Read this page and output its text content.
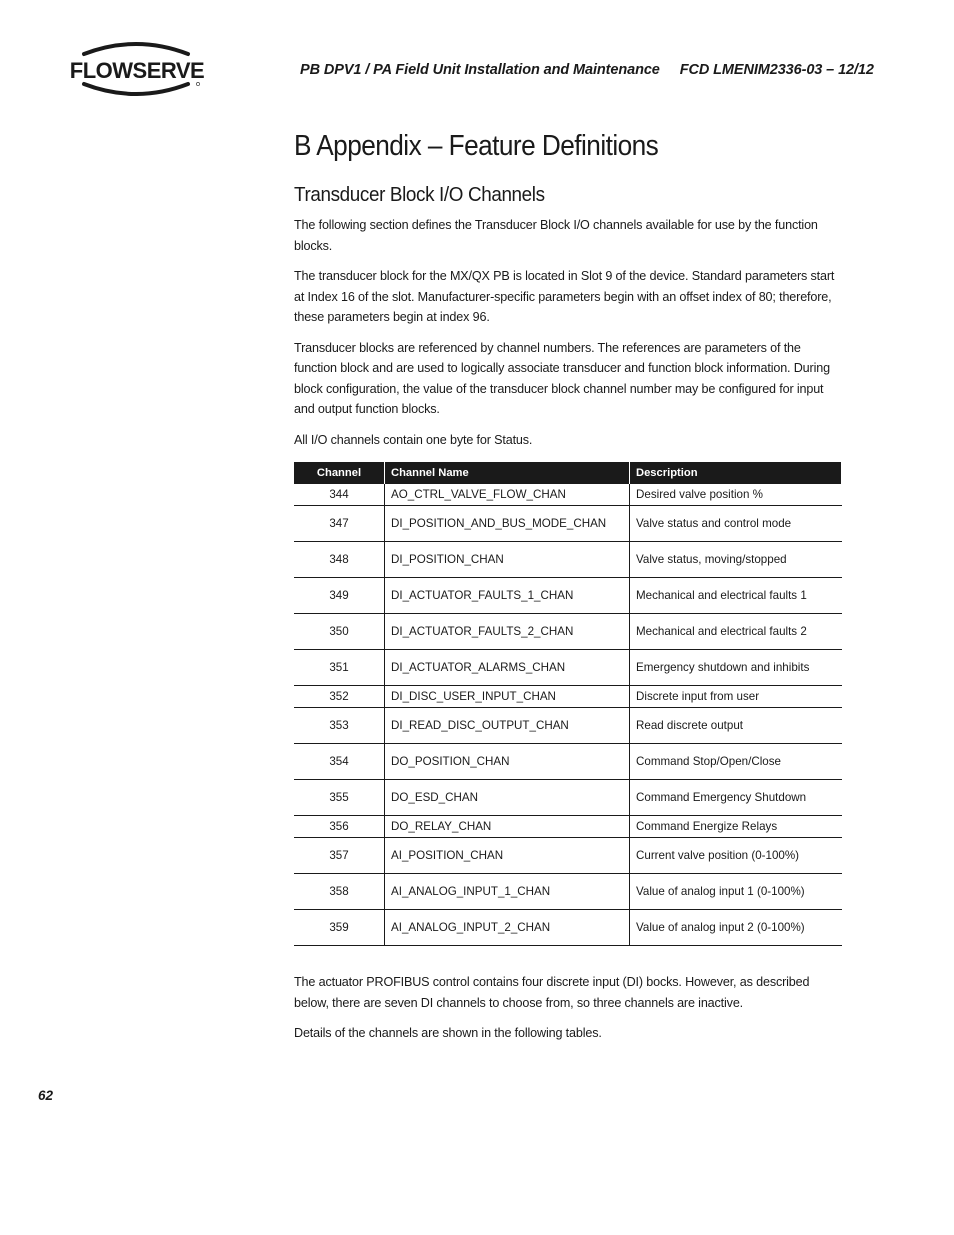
FLOWSERVE	PB DPV1 / PA Field Unit Installation and Maintenance FCD LMENIM2336-03 – 12/12
B Appendix – Feature Definitions
Transducer Block I/O Channels

The following section defines the Transducer Block I/O channels available for use by the function blocks.

The transducer block for the MX/QX PB is located in Slot 9 of the device. Standard parameters start at Index 16 of the slot. Manufacturer-specific parameters begin with an offset index of 80; therefore, these parameters begin at index 96.

Transducer blocks are referenced by channel numbers. The references are parameters of the function block and are used to logically associate transducer and function block information. During block configuration, the value of the transducer block channel number may be configured for input and output function blocks.

All I/O channels contain one byte for Status.

Channel	Channel Name	Description
344	AO_CTRL_VALVE_FLOW_CHAN	Desired valve position %
347	DI_POSITION_AND_BUS_MODE_CHAN	Valve status and control mode
348	DI_POSITION_CHAN	Valve status, moving/stopped
349	DI_ACTUATOR_FAULTS_1_CHAN	Mechanical and electrical faults 1
350	DI_ACTUATOR_FAULTS_2_CHAN	Mechanical and electrical faults 2
351	DI_ACTUATOR_ALARMS_CHAN	Emergency shutdown and inhibits
352	DI_DISC_USER_INPUT_CHAN	Discrete input from user
353	DI_READ_DISC_OUTPUT_CHAN	Read discrete output
354	DO_POSITION_CHAN	Command Stop/Open/Close
355	DO_ESD_CHAN	Command Emergency Shutdown
356	DO_RELAY_CHAN	Command Energize Relays
357	AI_POSITION_CHAN	Current valve position (0-100%)
358	AI_ANALOG_INPUT_1_CHAN	Value of analog input 1 (0-100%)
359	AI_ANALOG_INPUT_2_CHAN	Value of analog input 2 (0-100%)

The actuator PROFIBUS control contains four discrete input (DI) bocks. However, as described below, there are seven DI channels to choose from, so three channels are inactive.

Details of the channels are shown in the following tables.

62
